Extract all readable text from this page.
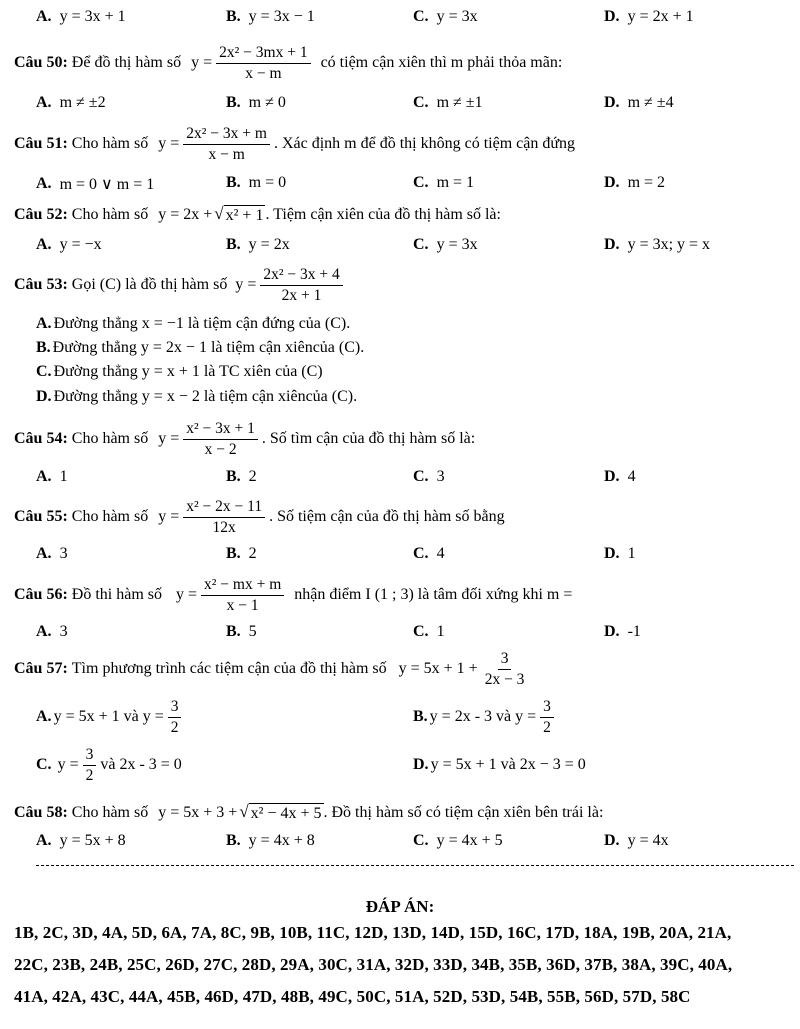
A. y = 3x + 1	B. y = 3x − 1	C. y = 3x	D. y = 2x + 1
Câu 50: Để đồ thị hàm số $y = \frac{\text{2x² − 3mx + 1}}{x - m}$ có tiệm cận xiên thì m phải thỏa mãn:
A. m ≠ ±2	B. m ≠ 0	C. m ≠ ±1	D. m ≠ ±4
Câu 51: Cho hàm số $y = \frac{\text{2x² − 3x + m}}{x - m}$ . Xác định m để đồ thị không có tiệm cận đứng
A. m = 0 ∨ m = 1	B. m = 0	C. m = 1	D. m = 2
Câu 52: Cho hàm số y = 2x + √ x² + 1 . Tiệm cận xiên của đồ thị hàm số là:
A. y = −x	B. y = 2x	C. y = 3x	D. y = 3x; y = x
Câu 53: Gọi (C) là đồ thị hàm số $y = \frac{\text{2x² − 3x + 4}}{2x + 1}$
A. Đường thẳng x = −1 là tiệm cận đứng của (C).
B. Đường thẳng y = 2x − 1 là tiệm cận xiêncủa (C).
C. Đường thẳng y = x + 1 là TC xiên của (C)
D. Đường thẳng y = x − 2 là tiệm cận xiêncủa (C).
Câu 54: Cho hàm số $y = \frac{\text{x² − 3x + 1}}{x - 2}$ . Số tìm cận của đồ thị hàm số là:
A. 1	B. 2	C. 3	D. 4
Câu 55: Cho hàm số $y = \frac{\text{x² − 2x − 11}}{12x}$ . Số tiệm cận của đồ thị hàm số bằng
A. 3	B. 2	C. 4	D. 1
Câu 56: Đồ thi hàm số $y = \frac{\text{x² − mx + m}}{x - 1}$ nhận điểm I (1 ; 3) là tâm đối xứng khi m =
A. 3	B. 5	C. 1	D. -1
Câu 57: Tìm phương trình các tiệm cận của đồ thị hàm số $y = 5x + 1 + \frac{3}{2x - 3}$
A. y = 5x + 1 và $y = \frac{3}{2}$	B. y = 2x - 3 và $y = \frac{3}{2}$
C. $y = \frac{3}{2}$ và 2x - 3 = 0	D. y = 5x + 1 và 2x − 3 = 0
Câu 58: Cho hàm số y = 5x + 3 + √ x² − 4x + 5 . Đồ thị hàm số có tiệm cận xiên bên trái là:
A. y = 5x + 8	B. y = 4x + 8	C. y = 4x + 5	D. y = 4x
ĐÁP ÁN:
1B, 2C, 3D, 4A, 5D, 6A, 7A, 8C, 9B, 10B, 11C, 12D, 13D, 14D, 15D, 16C, 17D, 18A, 19B, 20A, 21A,
22C, 23B, 24B, 25C, 26D, 27C, 28D, 29A, 30C, 31A, 32D, 33D, 34B, 35B, 36D, 37B, 38A, 39C, 40A,
41A, 42A, 43C, 44A, 45B, 46D, 47D, 48B, 49C, 50C, 51A, 52D, 53D, 54B, 55B, 56D, 57D, 58C
